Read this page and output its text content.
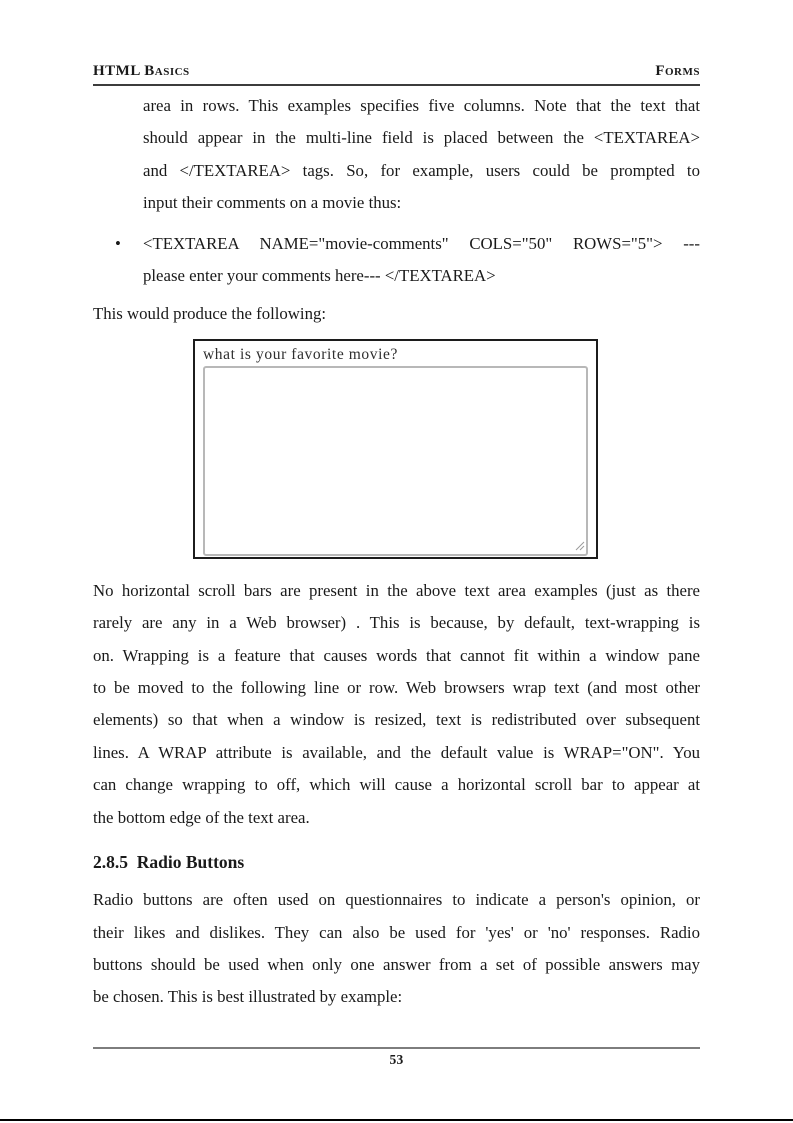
HTML Basics	Forms
area in rows. This examples specifies five columns. Note that the text that
should appear in the multi-line field is placed between the <TEXTAREA>
and </TEXTAREA> tags. So, for example, users could be prompted to
input their comments on a movie thus:
• <TEXTAREA NAME="movie-comments" COLS="50" ROWS="5"> ---
please enter your comments here--- </TEXTAREA>
This would produce the following:
what is your favorite movie?
No horizontal scroll bars are present in the above text area examples (just as there
rarely are any in a Web browser) . This is because, by default, text-wrapping is
on. Wrapping is a feature that causes words that cannot fit within a window pane
to be moved to the following line or row. Web browsers wrap text (and most other
elements) so that when a window is resized, text is redistributed over subsequent
lines. A WRAP attribute is available, and the default value is WRAP="ON". You
can change wrapping to off, which will cause a horizontal scroll bar to appear at
the bottom edge of the text area.
2.8.5  Radio Buttons
Radio buttons are often used on questionnaires to indicate a person's opinion, or
their likes and dislikes. They can also be used for 'yes' or 'no' responses. Radio
buttons should be used when only one answer from a set of possible answers may
be chosen. This is best illustrated by example:
53
